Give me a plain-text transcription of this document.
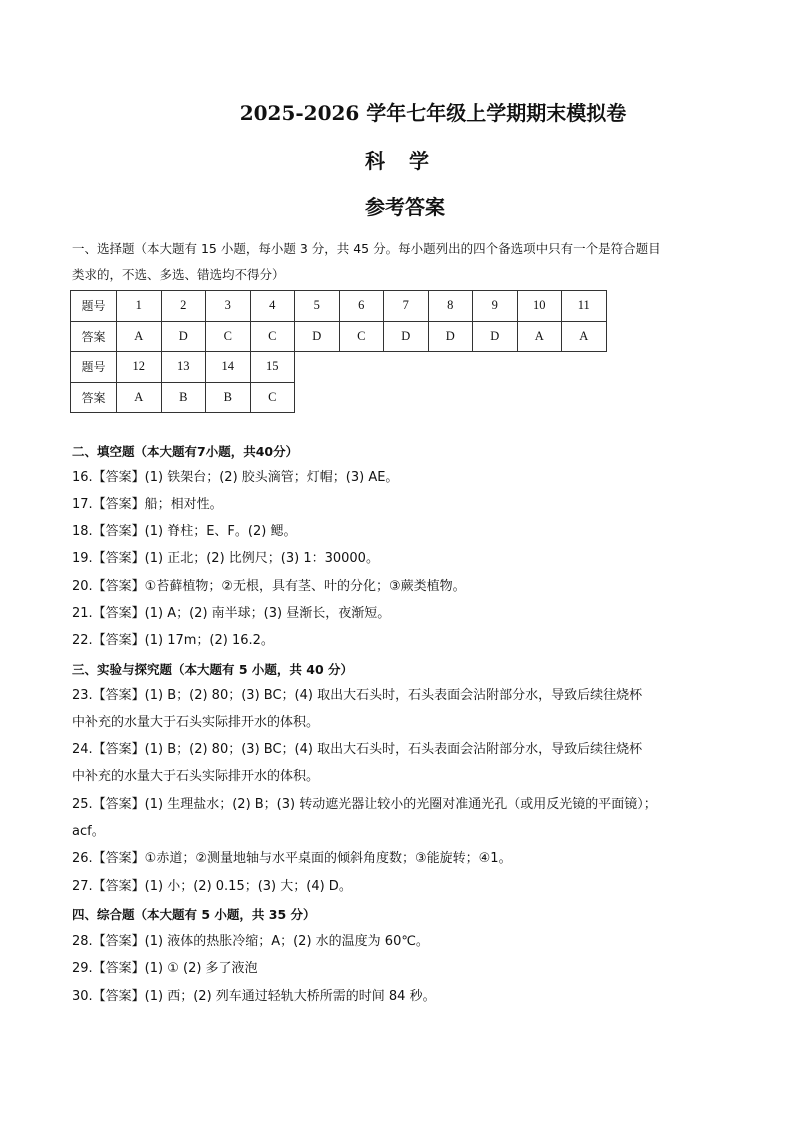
2025-2026 学年七年级上学期期末模拟卷
科学
参考答案
一、选择题（本大题有 15 小题，每小题 3 分，共 45 分。每小题列出的四个备选项中只有一个是符合题目
类求的，不选、多选、错选均不得分）
题号	1	2	3	4	5	6	7	8	9	10	11
答案	A	D	C	C	D	C	D	D	D	A	A
题号	12	13	14	15							
答案	A	B	B	C							
二、填空题（本大题有7小题，共40分）
16.【答案】(1) 铁架台；(2) 胶头滴管；灯帽；(3) AE。
17.【答案】船；相对性。
18.【答案】(1) 脊柱；E、F。(2) 鳃。
19.【答案】(1) 正北；(2) 比例尺；(3) 1：30000。
20.【答案】①苔藓植物；②无根，具有茎、叶的分化；③蕨类植物。
21.【答案】(1) A；(2) 南半球；(3) 昼渐长，夜渐短。
22.【答案】(1) 17m；(2) 16.2。
三、实验与探究题（本大题有 5 小题，共 40 分）
23.【答案】(1) B；(2) 80；(3) BC；(4) 取出大石头时，石头表面会沾附部分水，导致后续往烧杯
中补充的水量大于石头实际排开水的体积。
24.【答案】(1) B；(2) 80；(3) BC；(4) 取出大石头时，石头表面会沾附部分水，导致后续往烧杯
中补充的水量大于石头实际排开水的体积。
25.【答案】(1) 生理盐水；(2) B；(3) 转动遮光器让较小的光圈对准通光孔（或用反光镜的平面镜）；
acf。
26.【答案】①赤道；②测量地轴与水平桌面的倾斜角度数；③能旋转；④1。
27.【答案】(1) 小；(2) 0.15；(3) 大；(4) D。
四、综合题（本大题有 5 小题，共 35 分）
28.【答案】(1) 液体的热胀冷缩；A；(2) 水的温度为 60℃。
29.【答案】(1) ① (2) 多了液泡
30.【答案】(1) 西；(2) 列车通过轻轨大桥所需的时间 84 秒。
